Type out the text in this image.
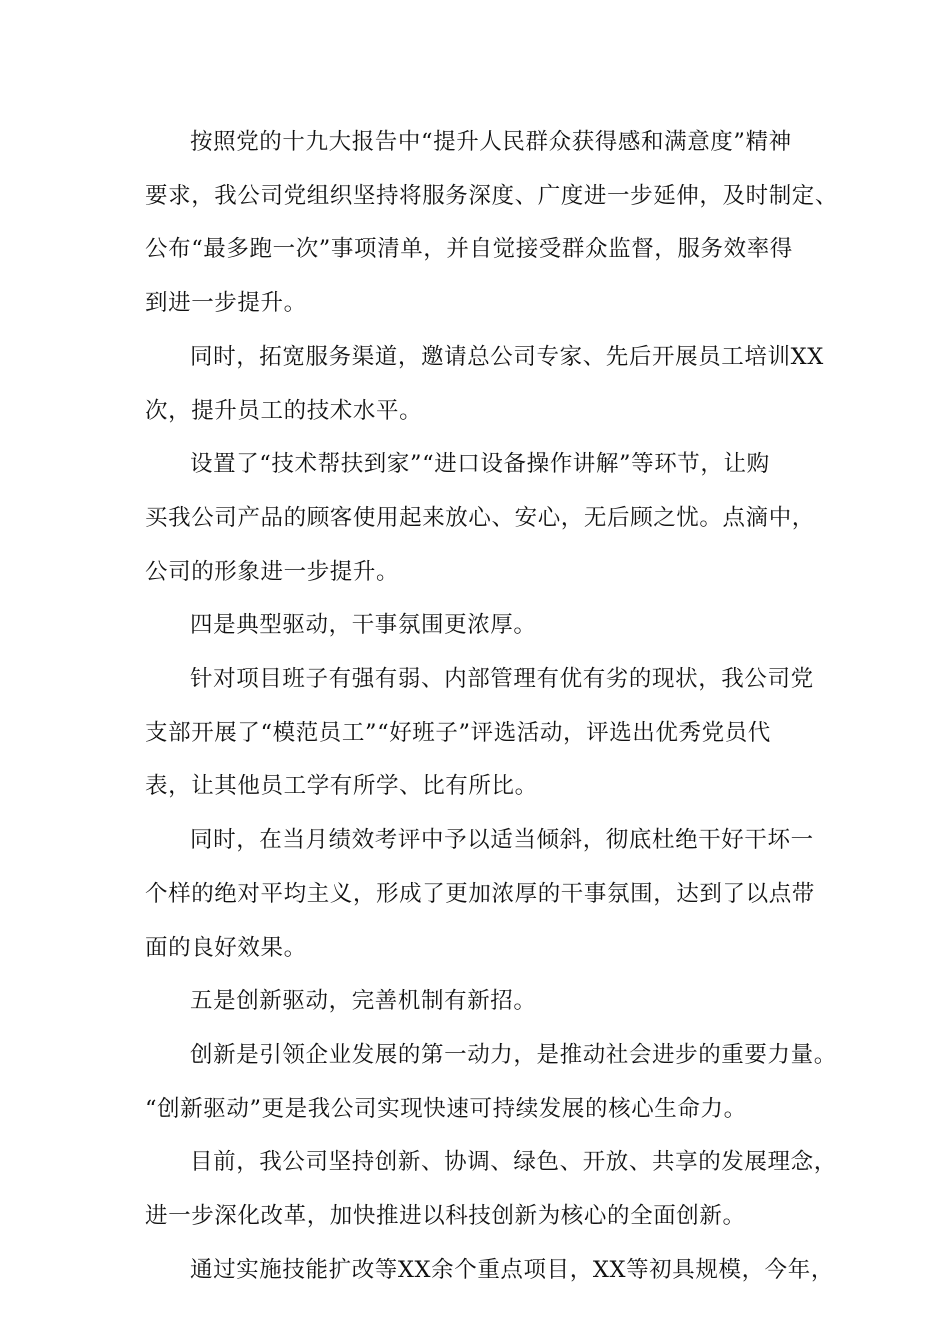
按照党的十九大报告中“提升人民群众获得感和满意度”精神
要求，我公司党组织坚持将服务深度、广度进一步延伸，及时制定、
公布“最多跑一次”事项清单，并自觉接受群众监督，服务效率得
到进一步提升。

同时，拓宽服务渠道，邀请总公司专家、先后开展员工培训XX
次，提升员工的技术水平。

设置了“技术帮扶到家”“进口设备操作讲解”等环节，让购
买我公司产品的顾客使用起来放心、安心，无后顾之忧。点滴中，
公司的形象进一步提升。

四是典型驱动，干事氛围更浓厚。

针对项目班子有强有弱、内部管理有优有劣的现状，我公司党
支部开展了“模范员工”“好班子”评选活动，评选出优秀党员代
表，让其他员工学有所学、比有所比。

同时，在当月绩效考评中予以适当倾斜，彻底杜绝干好干坏一
个样的绝对平均主义，形成了更加浓厚的干事氛围，达到了以点带
面的良好效果。

五是创新驱动，完善机制有新招。

创新是引领企业发展的第一动力，是推动社会进步的重要力量。
“创新驱动”更是我公司实现快速可持续发展的核心生命力。

目前，我公司坚持创新、协调、绿色、开放、共享的发展理念，
进一步深化改革，加快推进以科技创新为核心的全面创新。

通过实施技能扩改等XX余个重点项目，XX等初具规模，今年，
